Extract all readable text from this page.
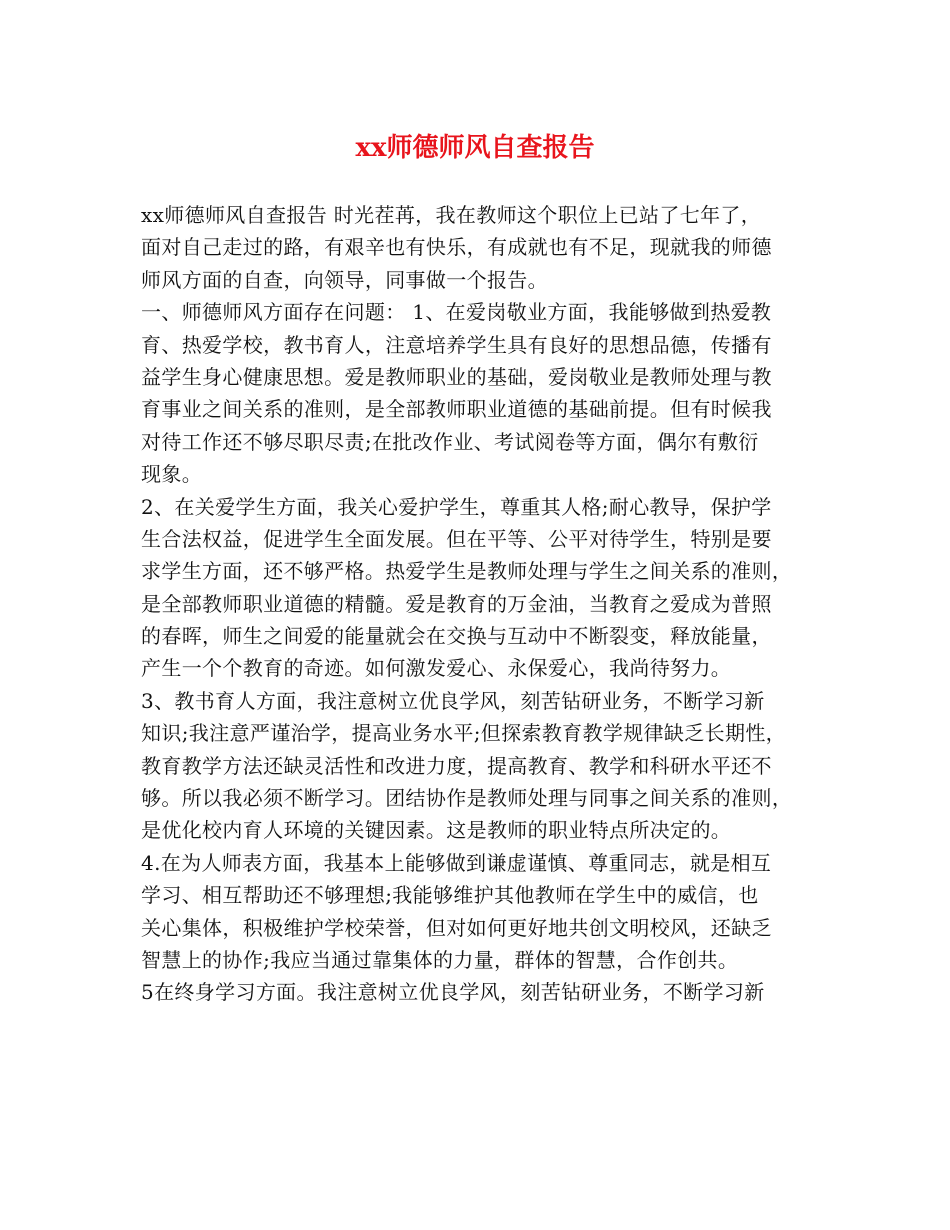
xx师德师风自查报告
xx师德师风自查报告 时光茬苒，我在教师这个职位上已站了七年了，
面对自己走过的路，有艰辛也有快乐，有成就也有不足，现就我的师德
师风方面的自查，向领导，同事做一个报告。
一、师德师风方面存在问题： 1、在爱岗敬业方面，我能够做到热爱教
育、热爱学校，教书育人，注意培养学生具有良好的思想品德，传播有
益学生身心健康思想。爱是教师职业的基础，爱岗敬业是教师处理与教
育事业之间关系的准则，是全部教师职业道德的基础前提。但有时候我
对待工作还不够尽职尽责;在批改作业、考试阅卷等方面，偶尔有敷衍
现象。
2、在关爱学生方面，我关心爱护学生，尊重其人格;耐心教导，保护学
生合法权益，促进学生全面发展。但在平等、公平对待学生，特别是要
求学生方面，还不够严格。热爱学生是教师处理与学生之间关系的准则，
是全部教师职业道德的精髓。爱是教育的万金油，当教育之爱成为普照
的春晖，师生之间爱的能量就会在交换与互动中不断裂变，释放能量，
产生一个个教育的奇迹。如何激发爱心、永保爱心，我尚待努力。
3、教书育人方面，我注意树立优良学风，刻苦钻研业务，不断学习新
知识;我注意严谨治学，提高业务水平;但探索教育教学规律缺乏长期性，
教育教学方法还缺灵活性和改进力度，提高教育、教学和科研水平还不
够。所以我必须不断学习。团结协作是教师处理与同事之间关系的准则，
是优化校内育人环境的关键因素。这是教师的职业特点所决定的。
4.在为人师表方面，我基本上能够做到谦虚谨慎、尊重同志，就是相互
学习、相互帮助还不够理想;我能够维护其他教师在学生中的威信，也
关心集体，积极维护学校荣誉，但对如何更好地共创文明校风，还缺乏
智慧上的协作;我应当通过靠集体的力量，群体的智慧，合作创共。
5在终身学习方面。我注意树立优良学风，刻苦钻研业务，不断学习新
